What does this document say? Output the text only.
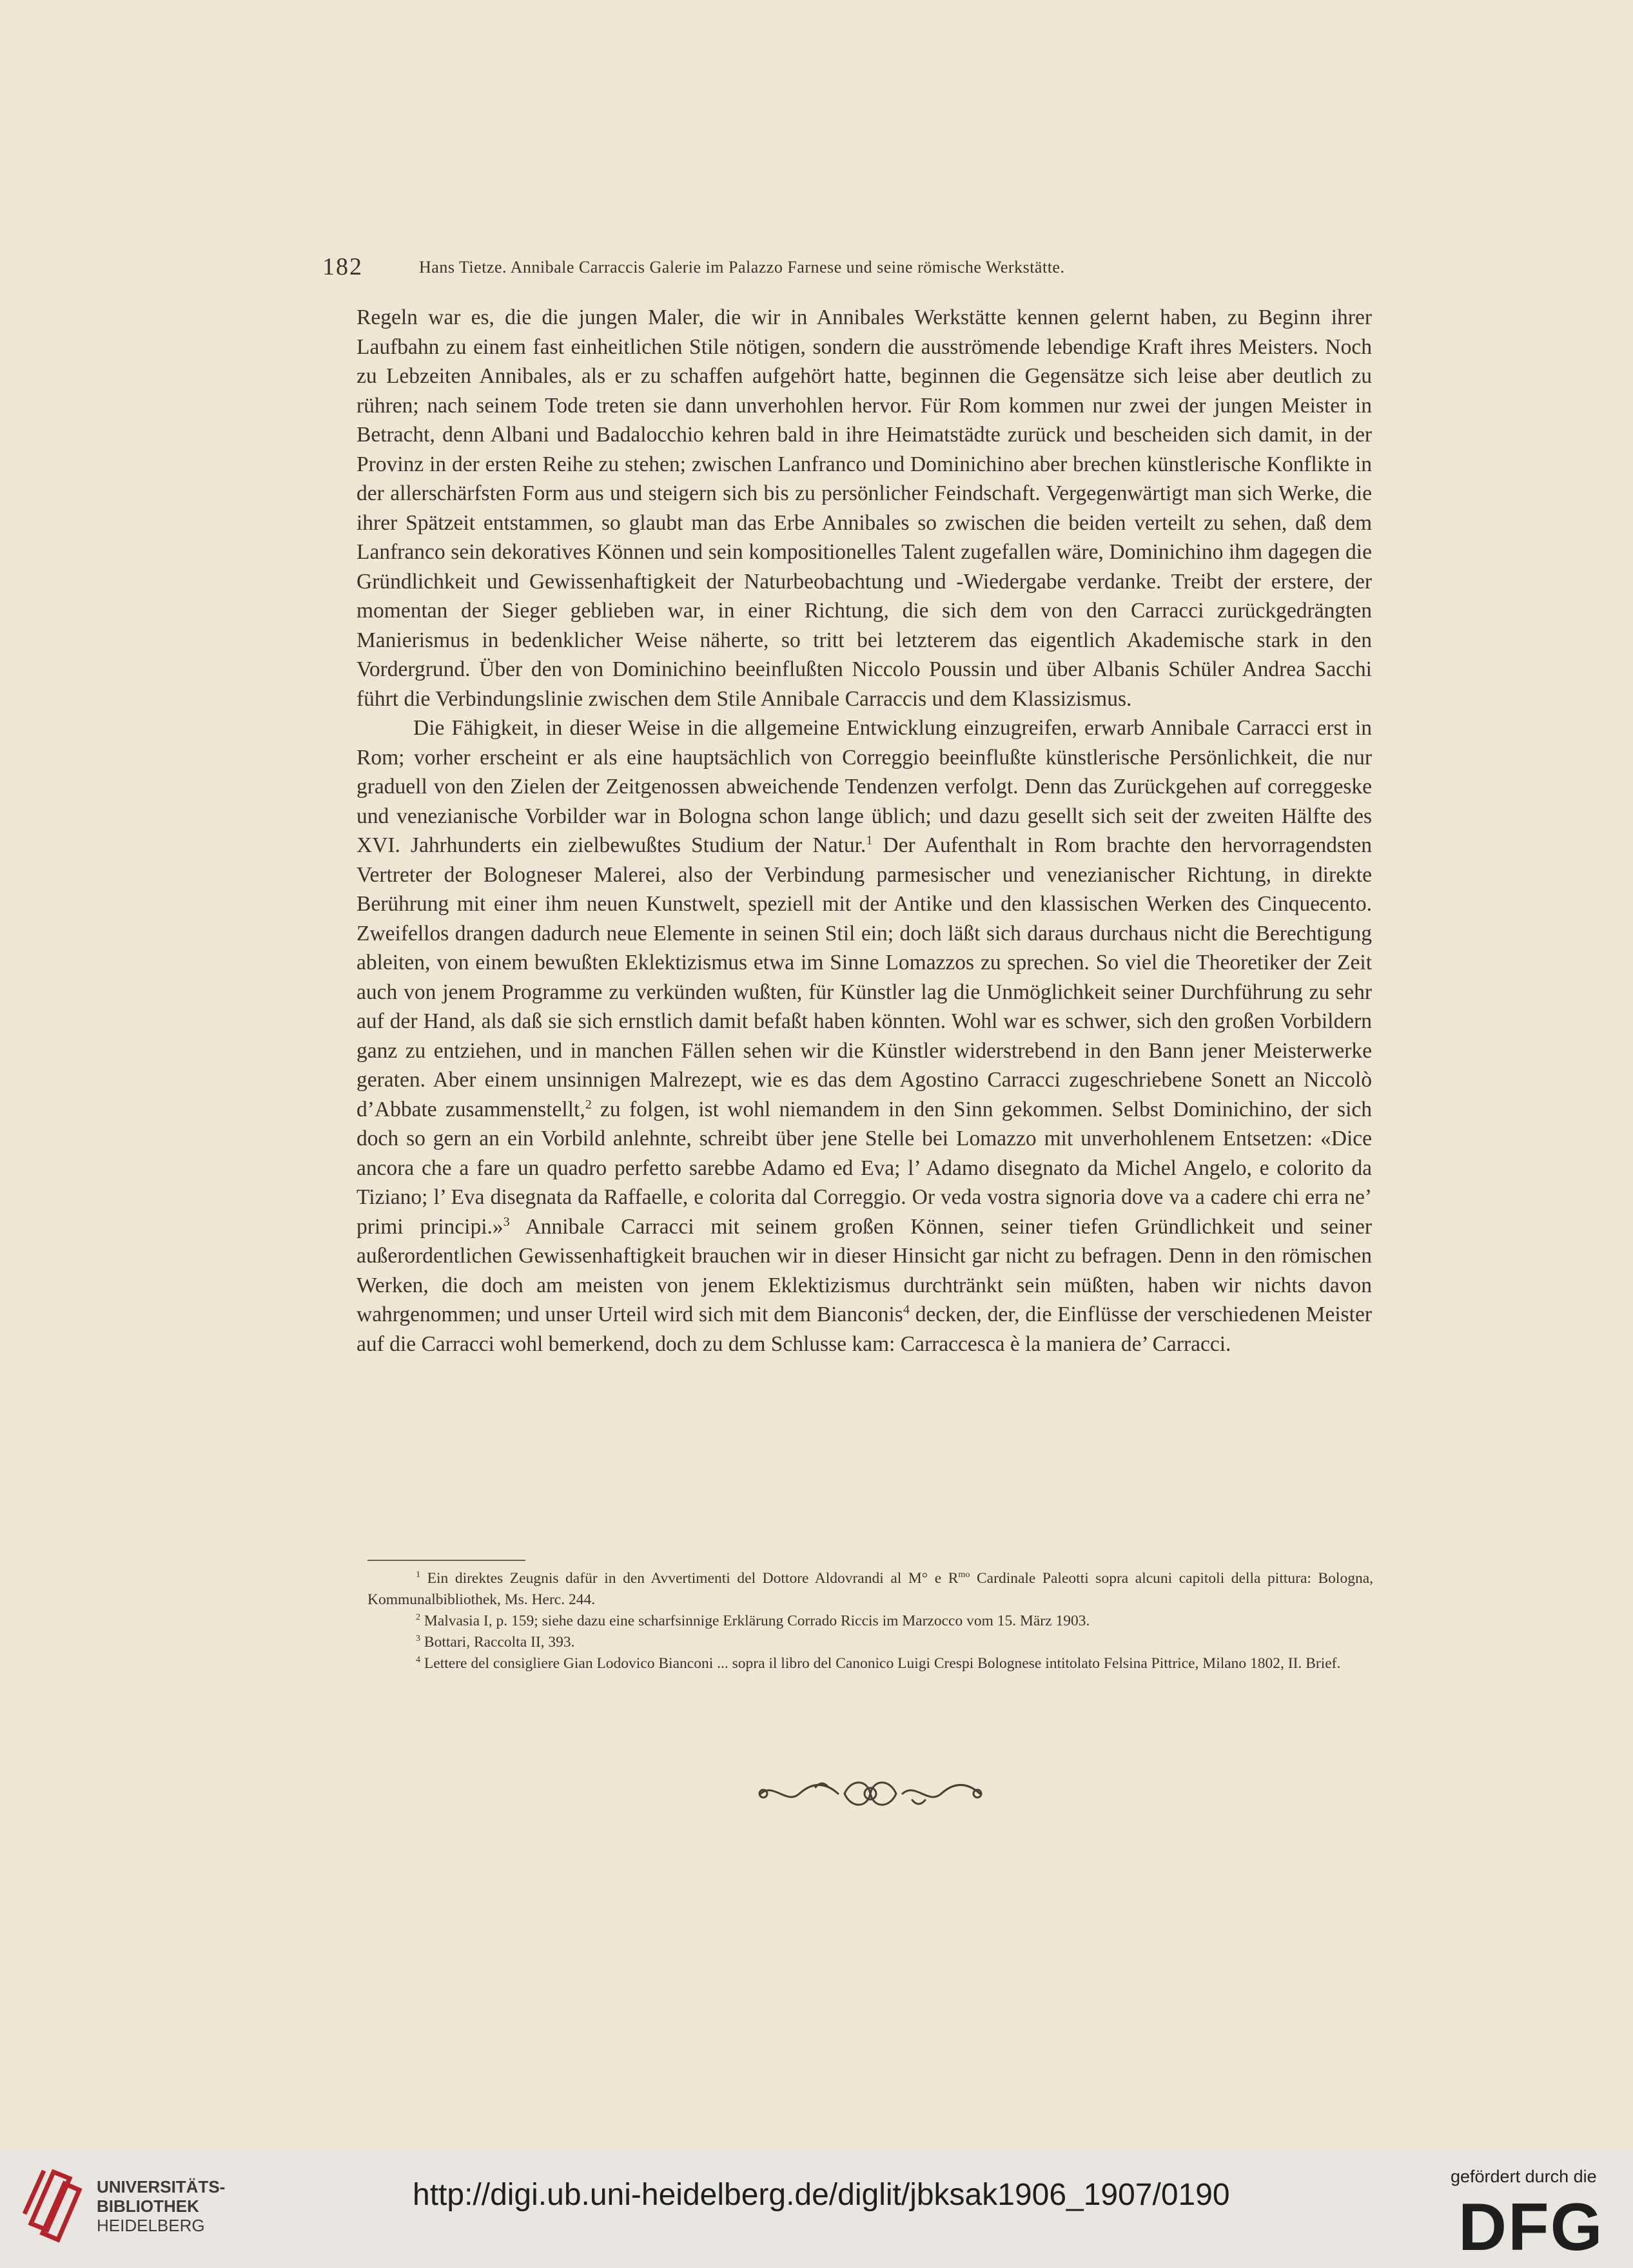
182	Hans Tietze. Annibale Carraccis Galerie im Palazzo Farnese und seine römische Werkstätte.

Regeln war es, die die jungen Maler, die wir in Annibales Werkstätte kennen gelernt haben, zu Beginn ihrer Laufbahn zu einem fast einheitlichen Stile nötigen, sondern die ausströmende lebendige Kraft ihres Meisters. Noch zu Lebzeiten Annibales, als er zu schaffen aufgehört hatte, beginnen die Gegensätze sich leise aber deutlich zu rühren; nach seinem Tode treten sie dann unverhohlen hervor. Für Rom kommen nur zwei der jungen Meister in Betracht, denn Albani und Badalocchio kehren bald in ihre Heimatstädte zurück und bescheiden sich damit, in der Provinz in der ersten Reihe zu stehen; zwischen Lanfranco und Dominichino aber brechen künstlerische Konflikte in der allerschärfsten Form aus und steigern sich bis zu persönlicher Feindschaft. Vergegenwärtigt man sich Werke, die ihrer Spätzeit entstammen, so glaubt man das Erbe Annibales so zwischen die beiden verteilt zu sehen, daß dem Lanfranco sein dekoratives Können und sein kompositionelles Talent zugefallen wäre, Dominichino ihm dagegen die Gründlichkeit und Gewissenhaftigkeit der Naturbeobachtung und -Wiedergabe verdanke. Treibt der erstere, der momentan der Sieger geblieben war, in einer Richtung, die sich dem von den Carracci zurückgedrängten Manierismus in bedenklicher Weise näherte, so tritt bei letzterem das eigentlich Akademische stark in den Vordergrund. Über den von Dominichino beeinflußten Niccolo Poussin und über Albanis Schüler Andrea Sacchi führt die Verbindungslinie zwischen dem Stile Annibale Carraccis und dem Klassizismus.

Die Fähigkeit, in dieser Weise in die allgemeine Entwicklung einzugreifen, erwarb Annibale Carracci erst in Rom; vorher erscheint er als eine hauptsächlich von Correggio beeinflußte künstlerische Persönlichkeit, die nur graduell von den Zielen der Zeitgenossen abweichende Tendenzen verfolgt. Denn das Zurückgehen auf correggeske und venezianische Vorbilder war in Bologna schon lange üblich; und dazu gesellt sich seit der zweiten Hälfte des XVI. Jahrhunderts ein zielbewußtes Studium der Natur.$^1$ Der Aufenthalt in Rom brachte den hervorragendsten Vertreter der Bologneser Malerei, also der Verbindung parmesischer und venezianischer Richtung, in direkte Berührung mit einer ihm neuen Kunstwelt, speziell mit der Antike und den klassischen Werken des Cinquecento. Zweifellos drangen dadurch neue Elemente in seinen Stil ein; doch läßt sich daraus durchaus nicht die Berechtigung ableiten, von einem bewußten Eklektizismus etwa im Sinne Lomazzos zu sprechen. So viel die Theoretiker der Zeit auch von jenem Programme zu verkünden wußten, für Künstler lag die Unmöglichkeit seiner Durchführung zu sehr auf der Hand, als daß sie sich ernstlich damit befaßt haben könnten. Wohl war es schwer, sich den großen Vorbildern ganz zu entziehen, und in manchen Fällen sehen wir die Künstler widerstrebend in den Bann jener Meisterwerke geraten. Aber einem unsinnigen Malrezept, wie es das dem Agostino Carracci zugeschriebene Sonett an Niccolò d’Abbate zusammenstellt,$^2$ zu folgen, ist wohl niemandem in den Sinn gekommen. Selbst Dominichino, der sich doch so gern an ein Vorbild anlehnte, schreibt über jene Stelle bei Lomazzo mit unverhohlenem Entsetzen: «Dice ancora che a fare un quadro perfetto sarebbe Adamo ed Eva; l’ Adamo disegnato da Michel Angelo, e colorito da Tiziano; l’ Eva disegnata da Raffaelle, e colorita dal Correggio. Or veda vostra signoria dove va a cadere chi erra ne’ primi principi.»$^3$ Annibale Carracci mit seinem großen Können, seiner tiefen Gründlichkeit und seiner außerordentlichen Gewissenhaftigkeit brauchen wir in dieser Hinsicht gar nicht zu befragen. Denn in den römischen Werken, die doch am meisten von jenem Eklektizismus durchtränkt sein müßten, haben wir nichts davon wahrgenommen; und unser Urteil wird sich mit dem Bianconis$^4$ decken, der, die Einflüsse der verschiedenen Meister auf die Carracci wohl bemerkend, doch zu dem Schlusse kam: Carraccesca è la maniera de’ Carracci.

$^1$ Ein direktes Zeugnis dafür in den Avvertimenti del Dottore Aldovrandi al M° e $R^{mo}$ Cardinale Paleotti sopra alcuni capitoli della pittura: Bologna, Kommunalbibliothek, Ms. Herc. 244.

$^2$ Malvasia I, p. 159; siehe dazu eine scharfsinnige Erklärung Corrado Riccis im Marzocco vom 15. März 1903.

$^3$ Bottari, Raccolta II, 393.

$^4$ Lettere del consigliere Gian Lodovico Bianconi ... sopra il libro del Canonico Luigi Crespi Bolognese intitolato Felsina Pittrice, Milano 1802, II. Brief.

UNIVERSITÄTS-
BIBLIOTHEK
HEIDELBERG
http://digi.ub.uni-heidelberg.de/diglit/jbksak1906_1907/0190
gefördert durch die
DFG
